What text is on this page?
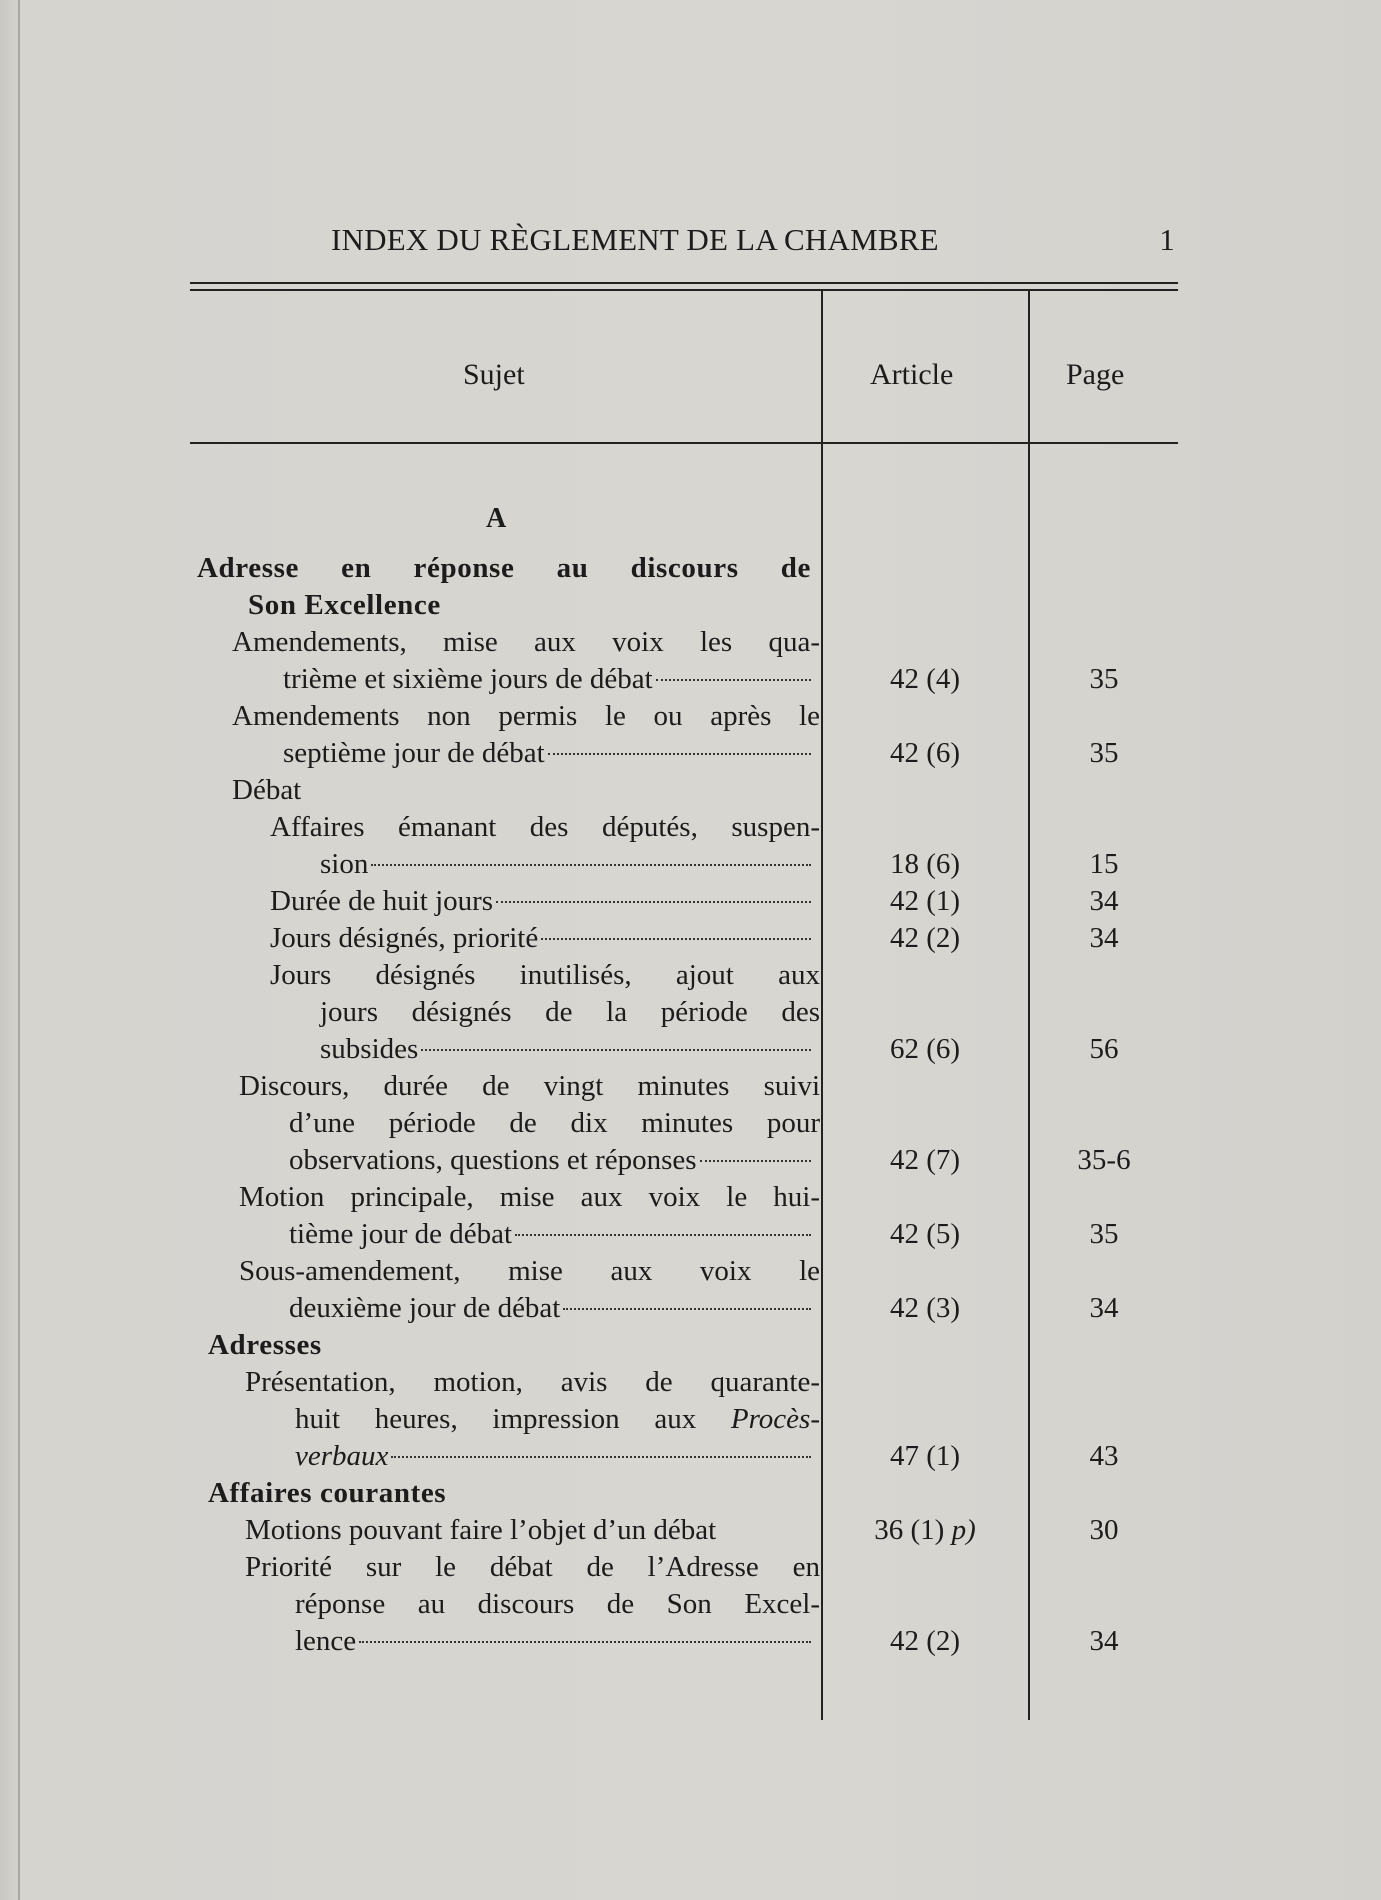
INDEX DU RÈGLEMENT DE LA CHAMBRE	1
Sujet	Article	Page
A
Adresse en réponse au discours de
Son Excellence
Amendements, mise aux voix les qua-
trième et sixième jours de débat	42 (4)	35
Amendements non permis le ou après le
septième jour de débat	42 (6)	35
Débat
Affaires émanant des députés, suspen-
sion	18 (6)	15
Durée de huit jours	42 (1)	34
Jours désignés, priorité	42 (2)	34
Jours désignés inutilisés, ajout aux
jours désignés de la période des
subsides	62 (6)	56
Discours, durée de vingt minutes suivi
d’une période de dix minutes pour
observations, questions et réponses	42 (7)	35-6
Motion principale, mise aux voix le hui-
tième jour de débat	42 (5)	35
Sous-amendement, mise aux voix le
deuxième jour de débat	42 (3)	34
Adresses
Présentation, motion, avis de quarante-
huit heures, impression aux Procès-
verbaux	47 (1)	43
Affaires courantes
Motions pouvant faire l’objet d’un débat	36 (1) p)	30
Priorité sur le débat de l’Adresse en
réponse au discours de Son Excel-
lence	42 (2)	34
